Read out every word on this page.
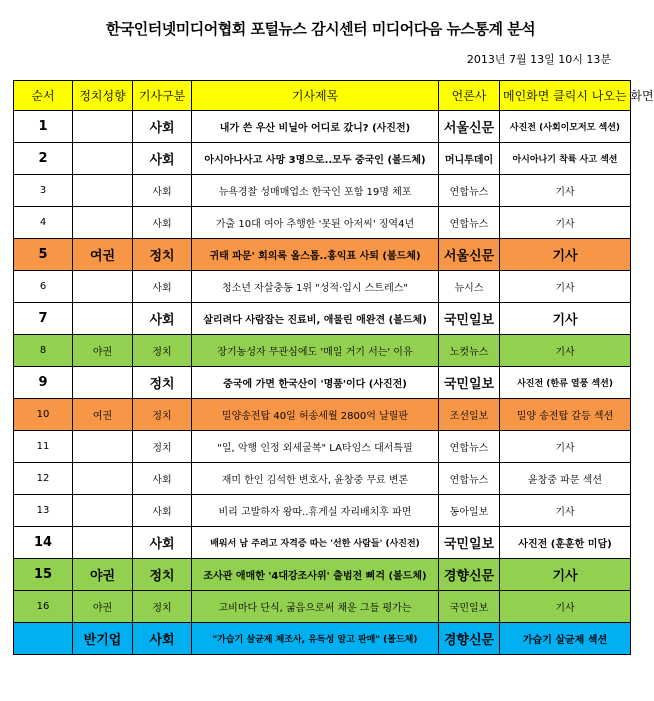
한국인터넷미디어협회 포털뉴스 감시센터 미디어다음 뉴스통계 분석
2013년 7월 13일 10시 13분
순서	정치성향	기사구분	기사제목	언론사	메인화면 클릭시 나오는 화면
1		사회	내가 쓴 우산 비닐아 어디로 갔니? (사진전)	서울신문	사진전 (사회이모저모 섹션)
2		사회	아시아나사고 사망 3명으로..모두 중국인 (볼드체)	머니투데이	아시아나기 착륙 사고 섹션
3		사회	뉴욕경찰 성매매업소 한국인 포함 19명 체포	연합뉴스	기사
4		사회	가출 10대 여아 추행한 '못된 아저씨' 징역4년	연합뉴스	기사
5	여권	정치	귀태 파문' 회의록 올스톱..홍익표 사퇴 (볼드체)	서울신문	기사
6		사회	청소년 자살충동 1위 "성적·입시 스트레스"	뉴시스	기사
7		사회	살리려다 사람잡는 진료비, 애물린 애완견 (볼드체)	국민일보	기사
8	야권	정치	장기농성자 무관심에도 '매일 거기 서는' 이유	노컷뉴스	기사
9		정치	중국에 가면 한국산이 '명품'이다 (사진전)	국민일보	사진전 (한류 열풍 섹션)
10	여권	정치	밀양송전탑 40일 허송세월 2800억 날릴판	조선일보	밀양 송전탑 갈등 섹션
11		정치	"일, 악행 인정 외세굴복" LA타임스 대서특필	연합뉴스	기사
12		사회	재미 한인 김석한 변호사, 윤창중 무료 변론	연합뉴스	윤창중 파문 섹션
13		사회	비리 고발하자 왕따..휴게실 자리배치후 파면	동아일보	기사
14		사회	배워서 남 주려고 자격증 따는 '선한 사람들' (사진전)	국민일보	사진전 (훈훈한 미담)
15	야권	정치	조사관 애매한 '4대강조사위' 출범전 삐걱 (볼드체)	경향신문	기사
16	야권	정치	고비마다 단식, 굶음으로써 채운 그들 평가는	국민일보	기사
	반기업	사회	"가습기 살균제 제조사, 유독성 알고 판매" (볼드체)	경향신문	가습기 살균제 섹션
